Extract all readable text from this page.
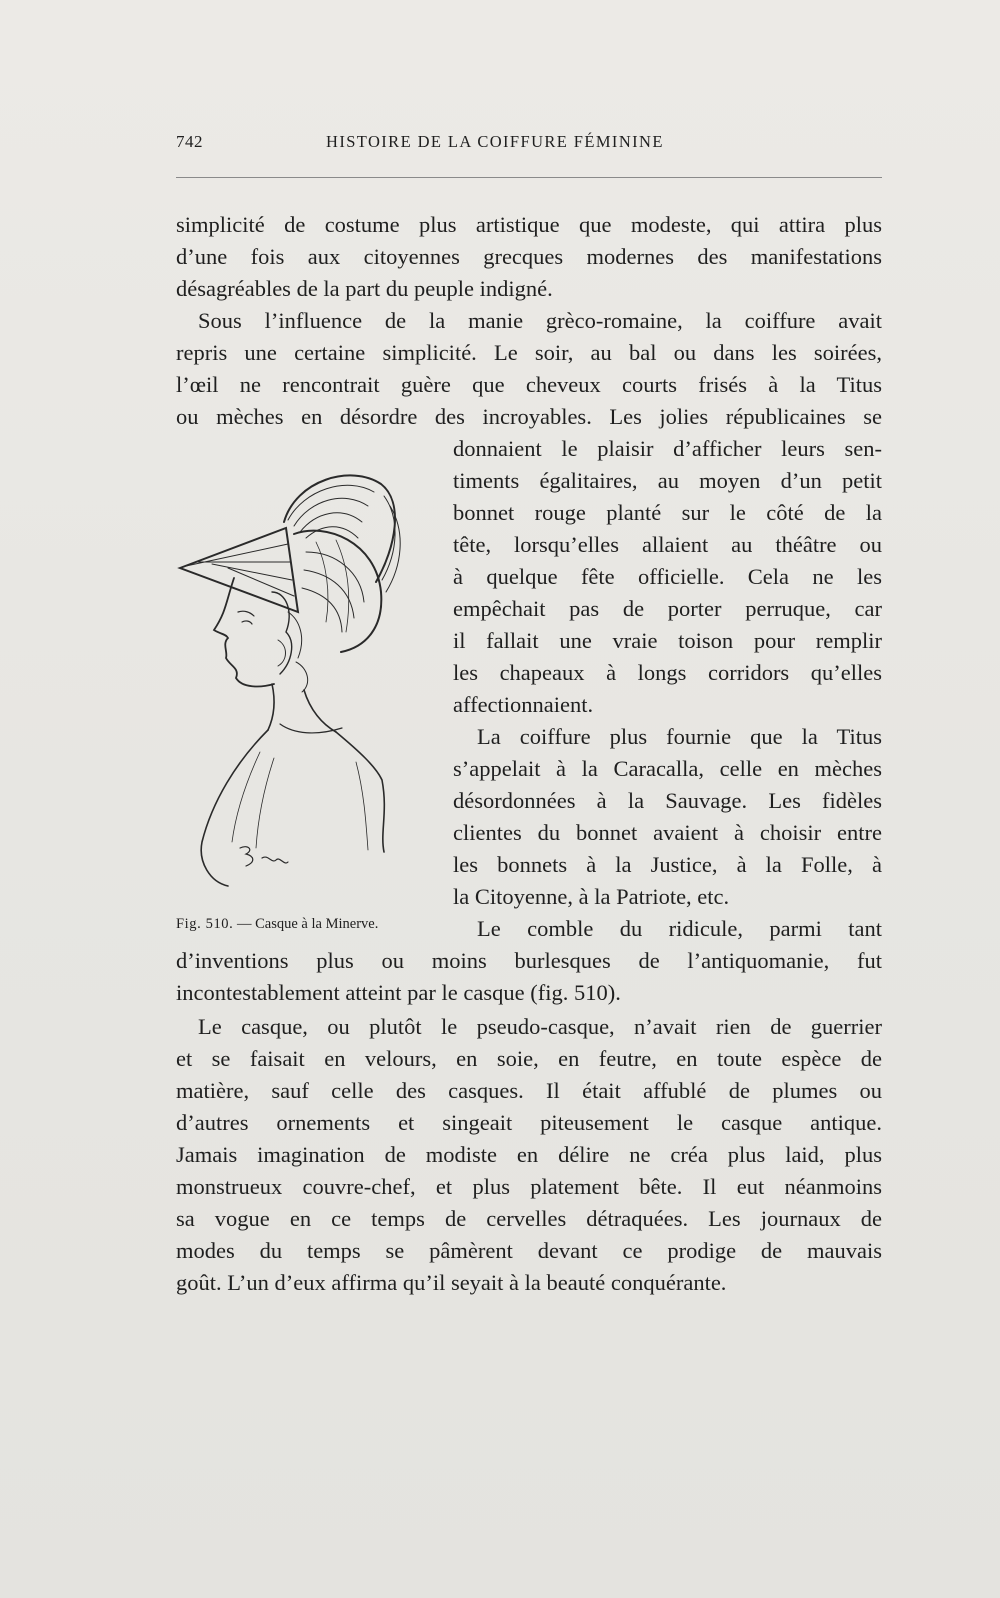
742	HISTOIRE DE LA COIFFURE FÉMININE
simplicité de costume plus artistique que modeste, qui attira plus
d’une fois aux citoyennes grecques modernes des manifestations
désagréables de la part du peuple indigné.
Sous l’influence de la manie grèco-romaine, la coiffure avait
repris une certaine simplicité. Le soir, au bal ou dans les soirées,
l’œil ne rencontrait guère que cheveux courts frisés à la Titus
ou mèches en désordre des incroyables. Les jolies républicaines se
donnaient le plaisir d’afficher leurs sen-
timents égalitaires, au moyen d’un petit
bonnet rouge planté sur le côté de la
tête, lorsqu’elles allaient au théâtre ou
à quelque fête officielle. Cela ne les
empêchait pas de porter perruque, car
il fallait une vraie toison pour remplir
les chapeaux à longs corridors qu’elles
affectionnaient.
La coiffure plus fournie que la Titus
s’appelait à la Caracalla, celle en mèches
désordonnées à la Sauvage. Les fidèles
clientes du bonnet avaient à choisir entre
les bonnets à la Justice, à la Folle, à
la Citoyenne, à la Patriote, etc.
Le comble du ridicule, parmi tant
d’inventions plus ou moins burlesques de l’antiquomanie, fut
incontestablement atteint par le casque (fig. 510).
Le casque, ou plutôt le pseudo-casque, n’avait rien de guerrier
et se faisait en velours, en soie, en feutre, en toute espèce de
matière, sauf celle des casques. Il était affublé de plumes ou
d’autres ornements et singeait piteusement le casque antique.
Jamais imagination de modiste en délire ne créa plus laid, plus
monstrueux couvre-chef, et plus platement bête. Il eut néanmoins
sa vogue en ce temps de cervelles détraquées. Les journaux de
modes du temps se pâmèrent devant ce prodige de mauvais
goût. L’un d’eux affirma qu’il seyait à la beauté conquérante.
Fig. 510. — Casque à la Minerve.
